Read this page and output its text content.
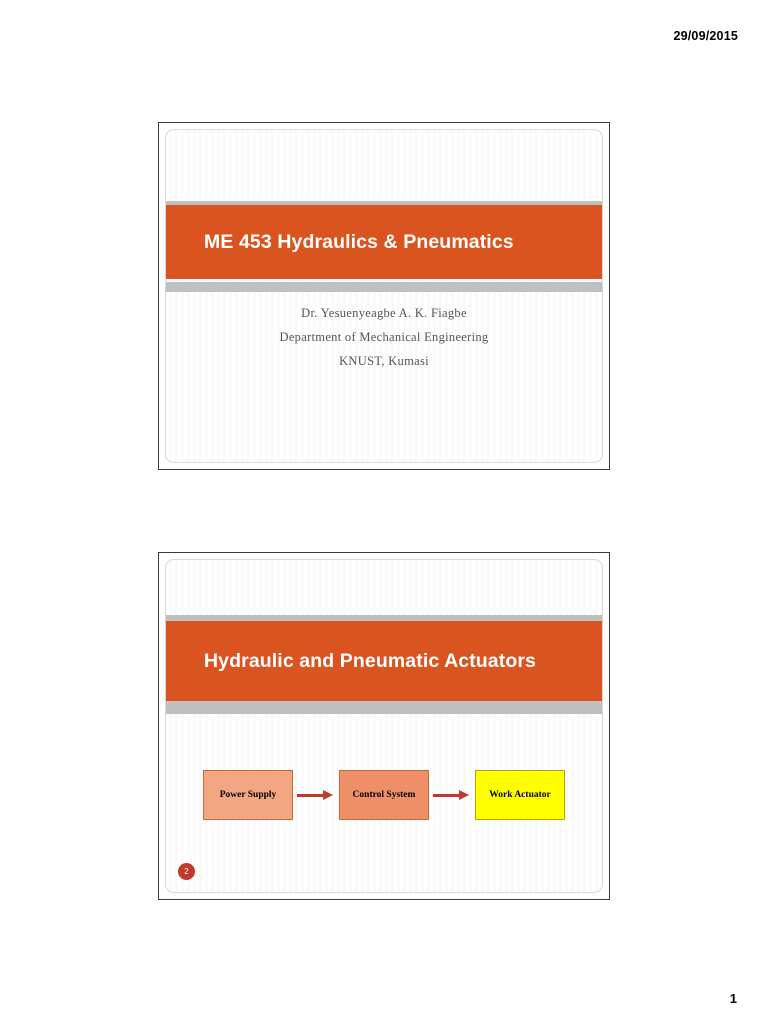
29/09/2015
ME 453 Hydraulics & Pneumatics
Dr. Yesuenyeagbe A. K. Fiagbe
Department of Mechanical Engineering
KNUST, Kumasi
Hydraulic and Pneumatic Actuators
Power Supply	Control System	Work Actuator
2
1
